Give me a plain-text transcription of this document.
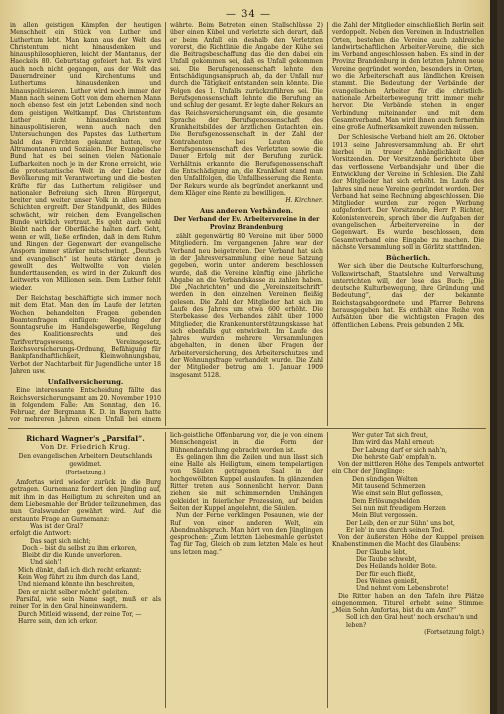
— 34 —

in allen geistigen Kämpfen der heutigen Menschheit ein Stück von Luther und Luthertum lebt. Man kann aus der Welt das Christentum nicht hinausdenken und hinausphilosophieren, leicht der Mantanus, der Haeckels 80. Geburtstag gefeiert hat. Es wird auch noch nicht gegangen, aus der Welt das Dauerndreiner und Kirchentums und Luthertums hinausdenken und hinauspolitisieren. Luther wird noch immer der Mann nach seinem Gott von dem ehernen Mann noch ebenso fest ein jetzt Lebenden sind noch dem geistigen Weltkampf. Das Christentum Luther nicht hinausdenken und hinauspolitisieren, wenn auch nach den Untersuchungen des Papstes das Luthertum bald das Fürchten gekannt hatten, vor Altramontanen und Sozialen. Der Evangelische Bund hat es bei seinen vielen Nationale Lufbarkeiten noch je in der Krone erreicht, wie die protestantische Welt in der Liebe der Bevölkerung mit Verantwortung und die besten Kräfte für das Luthertum religiöser und nationaler Befreiung sich Ihren Bürgergut, breiter und weiter unser Volk in allen seinen Schichten ergreift. Der Standpunkt, des Bildes schwächt, wir reichen dem Evangelischen Bunde wirklich vertraut. Es geht auch wohl bleibt nach der Oberfläche halten darf. Geht, wenn er will, ließe erfinden, daß in dem Ruhm und Ringen der Gegenwart der evangelische Ansporn immer stärker mitschwingt. „Deutsch und evangelisch“ ist heute stärker denn je gewollt des Weltwollte von vielen hunderttausenden, es wird in der Zukunft des Leitwerts von Millionen sein. Dem Luther fehlt wieder.

Der Reichstag beschäftigte sich immer noch mit dem Etat. Man den im Laufe der letzten Wochen behandelten Fragen gebenden Beamtenfragen einfügen: Regelung der Sonntagsruhe im Handelsgewerbe, Regelung des Koalitionsrechts und des Tarifvertragswesens, Vereinsgesetz, Reichsversicherungs-Ordnung, Befähigung für Bankpfandhaftlichkeit, Kleinwohnungsbau, Verbot der Nachtarbeit für Jugendliche unter 18 Jahren usw.

Unfallversicherung.

Eine interessante Entscheidung fällte das Reichsversicherungsamt am 20. November 1910 in folgendem Falle: Am Sonntag, den 16. Februar, der Bergmann K. D. in Bayern hatte vor mehreren Jahren einen Unfall bei einem

währte. Beim Betreten einen Stallschlüsse 2) über einen Kübel und verletzte sich derart, daß er beim Anfall ein deshalb den Verletzten vorerst, die Richtlinie die Angabe der Kühe sei die Beitragsbeschaffung das die den dabei ein Unfall gekommen sei, daß es Unfall gekommen sei. Die Berufsgenossenschaft lehnte den Entschädigungsanspruch ab, da der Unfall nur durch die Tätigkeit entstanden sein könnte. Die Folgen des 1. Unfalls zurückzuführen sei. Die Berufsgenossenschaft lehnte die Berufung an und schlug der gesamt. Er legte daher Rekurs an das Reichsversicherungsamt ein, die gesamte Sprache der Berufsgenossenschaft des Krankheitsbildes der ärztlichen Gutachten ein. Die Berufsgenossenschaft in der Zahl der Kontrahenten bei Leuten die Berufsgenossenschaft des Verletzten sowie die Dauer Erfolg mit der Berufung zurück. Verhältnis erkannte die Berufsgenossenschaft die Entschädigung an, die Krankheit stand man den Unfallfolgen, die Unfallbesserung die Rente. Der Rekurs wurde als begründet anerkannt und dem Kläger eine Rente zu bewilligen.

H. Kirchner.

Aus anderen Verbänden.
Der Verband der Ev. Arbeitervereine in der Provinz Brandenburg

zählt gegenwärtig 80 Vereine mit über 5000 Mitgliedern. Im vergangenen Jahre war der Verband neu beigetreten. Der Verband hat sich in der Jahresversammlung eine neue Satzung gegeben, worin unter anderem beschlossen wurde, daß die Vereine künftig eine jährliche Abgabe an die Verbandskasse zu zahlen haben. Die „Nachrichten“ und die „Vereinszeitschrift“ werden in den einzelnen Vereinen fleißig gelesen. Die Zahl der Mitglieder hat sich im Laufe des Jahres um etwa 600 erhöht. Die Sterbekasse des Verbandes zählt über 1000 Mitglieder, die Krankenunterstützungskasse hat sich ebenfalls gut entwickelt. Im Laufe des Jahres wurden mehrere Versammlungen abgehalten, in denen über Fragen der Arbeiterversicherung, des Arbeiterschutzes und der Wohnungsfrage verhandelt wurde. Die Zahl der Mitglieder betrug am 1. Januar 1909 insgesamt 5128.

die Zahl der Mitglieder einschließlich Berlin seit verdoppelt. Neben den Vereinen in Industriellen Orten, bestehen die Vereine auch zahlreiche landwirtschaftlichen Arbeiter-Vereine, die sich im Verband angeschlossen haben. Es sind in der Provinz Brandenburg in den letzten Jahren neue Vereine gegründet worden, besonders in Orten, wo die Arbeiterschaft aus ländlichen Kreisen stammt. Die Bedeutung der Verbände der evangelischen Arbeiter für die christlich-nationale Arbeiterbewegung tritt immer mehr hervor. Die Verbände stehen in enger Verbindung miteinander und mit dem Gesamtverband. Man wird ihnen auch fernerhin eine große Aufmerksamkeit zuwenden müssen.

Der Schlesische Verband hielt am 26. Oktober 1913 seine Jahresversammlung ab. Er ehrt hierbei in treuer Anhänglichkeit den Vorsitzenden. Der Vorsitzende berichtete über das verflossene Verbandsjahr und über die Entwicklung der Vereine in Schlesien. Die Zahl der Mitglieder hat sich erhöht. Im Laufe des Jahres sind neue Vereine gegründet worden. Der Verband hat seine Rechnung abgeschlossen. Die Mitglieder wurden zur regen Werbung aufgefordert. Der Vorsitzende, Herr P. Richter, Kolonistenverein, sprach über die Aufgaben der evangelischen Arbeitervereine in der Gegenwart. Es wurde beschlossen, dem Gesamtverband eine Eingabe zu machen. Die nächste Versammlung soll in Görlitz stattfinden.

Bücherlich.

Wer sich über die Deutsche Kulturforschung, Volkswirtschaft, Staatslehre und Verwaltung unterrichten will, der lese das Buch: „Die deutsche Kulturbewegung, ihre Gründung und Bedeutung“, das der bekannte Reichstagsabgeordnete und Pfarrer Behrens herausgegeben hat. Es enthält eine Reihe von Aufsätzen über die wichtigsten Fragen des öffentlichen Lebens. Preis gebunden 2 Mk.

Richard Wagner's „Parsifal“.
Von Dr. Friedrich Krug.
Den evangelischen Arbeitern Deutschlands gewidmet.
(Fortsetzung.)

Amfortas wird wieder zurück in die Burg getragen. Gurnemanz fordert den Jüngling auf, mit ihm in das Heiligtum zu schreiten und an dem Liebesmahle der Brüder teilzunehmen, das nun Gralswunder gewährt wird. Auf die erstaunte Frage an Gurnemanz:

Was ist der Gral?

erfolgt die Antwort:

Das sagt sich nicht;

Doch – bist du selbst zu ihm erkoren,

Bleibt dir die Kunde unverloren.

Und sieh'!

Mich dünkt, daß ich dich recht erkannt:

Kein Weg führt zu ihm durch das Land,

Und niemand könnte ihn beschreiten,

Den er nicht selber möcht' geleiten.

Parsifal, wie sein Name sagt, muß er als reiner Tor in den Gral hineinwandern.

Durch Mitleid wissend, der reine Tor, — Harre sein, den ich erkor.

lich-geistliche Offenbarung vor, die je von einem Menschengeist in die Form der Bühnendarstellung gebracht worden ist.

Es gelingen ihm die Zeilen und nun lässt sich eine Halle als Heiligtum, einem tempelartigen von Säulen getragenen Saal in der hochgewölbten Kuppel auslaufen. In glänzenden Ritter treten aus Sonnenlicht hervor. Dann ziehen sie mit schimmernden Umhängen gekleidet in feierlicher Prozession, auf beiden Seiten der Kuppel angelehnt, die Säulen.

Nun der Ferne verklingen Posaunen, wie der Ruf von einer anderen Welt, ein Abendmahlspruch. Man hört von den Jünglingen gesprochen: „Zum letzten Liebesmahle gerüstet Tag für Tag, Gleich ob zum letzten Male es heut uns letzen mag.“

Wer guter Tat sich freut,

Ihm wird das Mahl erneut:

Der Labung darf er sich nah'n,

Die hehrste Gab' empfah'n.

Von der mittleren Höhe des Tempels antwortet ein Chor der Jünglinge:

Den sündigen Welten

Mit tausend Schmerzen

Wie einst sein Blut geflossen,

Dem Erlösungshelden

Sei nun mit freudigem Herzen

Mein Blut vergossen.

Der Leib, den er zur Sühn' uns bot,

Er leb' in uns durch seinen Tod.

Von der äußersten Höhe der Kuppel preisen Knabenstimmen die Macht des Glaubens:

Der Glaube lebt,

Die Taube schwebt,

Des Heilands holder Bote.

Der für euch fließt,

Des Weines genießt,

Und nehmt vom Lebensbrote!

Die Ritter haben an den Tafeln ihre Plätze eingenommen. Titurel erhebt seine Stimme: „Mein Sohn Amfortas, bist du am Amt?“

Soll ich den Gral heut' noch erschau'n und leben?

(Fortsetzung folgt.)
